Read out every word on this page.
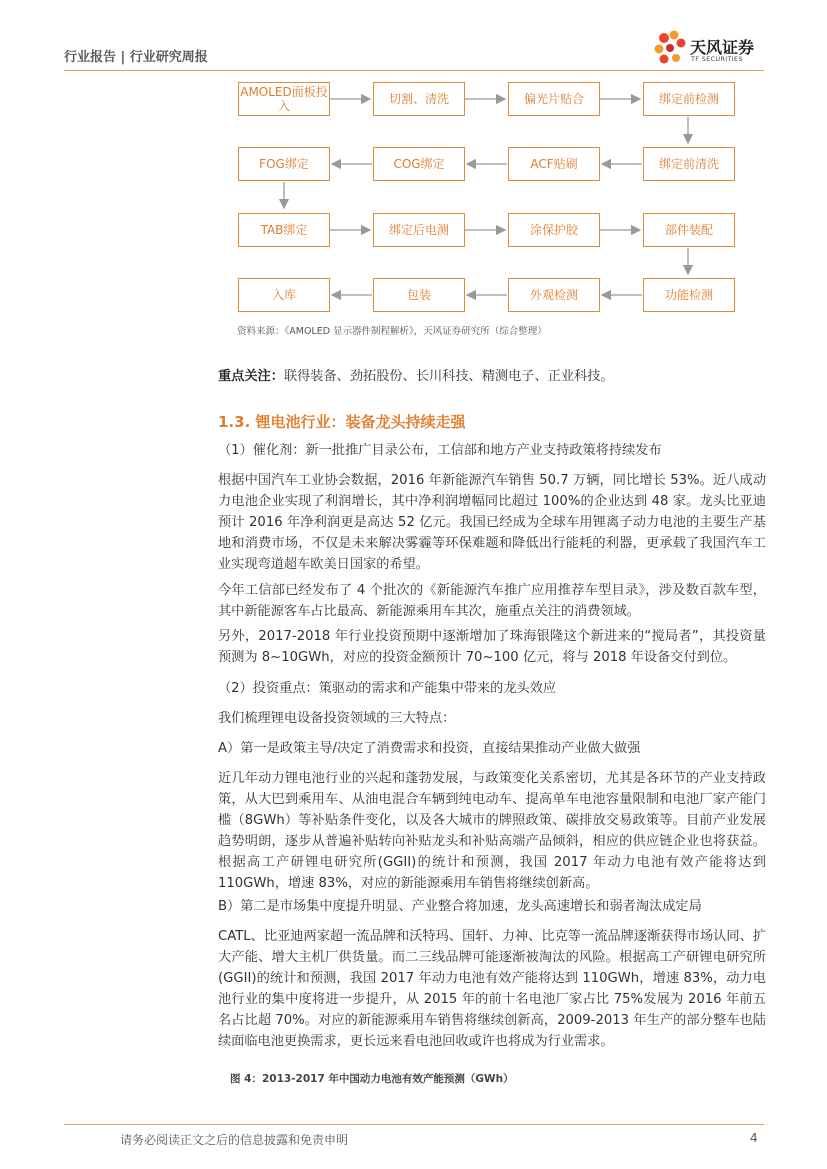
行业报告 | 行业研究周报
天风证券
TF SECURITIES
AMOLED面板投入	切割、清洗	偏光片贴合	绑定前检测
FOG绑定	COG绑定	ACF贴刷	绑定前清洗
TAB绑定	绑定后电测	涂保护胶	部件装配
入库	包装	外观检测	功能检测
资料来源：《AMOLED 显示器件制程解析》，天风证券研究所（综合整理）

重点关注：联得装备、劲拓股份、长川科技、精测电子、正业科技。

1.3. 锂电池行业：装备龙头持续走强

（1）催化剂：新一批推广目录公布，工信部和地方产业支持政策将持续发布

根据中国汽车工业协会数据，2016 年新能源汽车销售 50.7 万辆，同比增长 53%。近八成动力电池企业实现了利润增长，其中净利润增幅同比超过 100%的企业达到 48 家。龙头比亚迪预计 2016 年净利润更是高达 52 亿元。我国已经成为全球车用锂离子动力电池的主要生产基地和消费市场，不仅是未来解决雾霾等环保难题和降低出行能耗的利器，更承载了我国汽车工业实现弯道超车欧美日国家的希望。

今年工信部已经发布了 4 个批次的《新能源汽车推广应用推荐车型目录》，涉及数百款车型，其中新能源客车占比最高、新能源乘用车其次，施重点关注的消费领域。

另外，2017-2018 年行业投资预期中逐渐增加了珠海银隆这个新进来的“搅局者”，其投资量预测为 8~10GWh，对应的投资金额预计 70~100 亿元，将与 2018 年设备交付到位。

（2）投资重点：策驱动的需求和产能集中带来的龙头效应

我们梳理锂电设备投资领域的三大特点：

A）第一是政策主导/决定了消费需求和投资，直接结果推动产业做大做强

近几年动力锂电池行业的兴起和蓬勃发展，与政策变化关系密切，尤其是各环节的产业支持政策，从大巴到乘用车、从油电混合车辆到纯电动车、提高单车电池容量限制和电池厂家产能门槛（8GWh）等补贴条件变化，以及各大城市的牌照政策、碳排放交易政策等。目前产业发展趋势明朗，逐步从普遍补贴转向补贴龙头和补贴高端产品倾斜，相应的供应链企业也将获益。根据高工产研锂电研究所(GGII)的统计和预测，我国 2017 年动力电池有效产能将达到 110GWh，增速 83%，对应的新能源乘用车销售将继续创新高。

B）第二是市场集中度提升明显、产业整合将加速，龙头高速增长和弱者淘汰成定局

CATL、比亚迪两家超一流品牌和沃特玛、国轩、力神、比克等一流品牌逐渐获得市场认同、扩大产能、增大主机厂供货量。而二三线品牌可能逐渐被淘汰的风险。根据高工产研锂电研究所(GGII)的统计和预测，我国 2017 年动力电池有效产能将达到 110GWh，增速 83%，动力电池行业的集中度将进一步提升，从 2015 年的前十名电池厂家占比 75%发展为 2016 年前五名占比超 70%。对应的新能源乘用车销售将继续创新高，2009-2013 年生产的部分整车也陆续面临电池更换需求，更长远来看电池回收或许也将成为行业需求。

图 4：2013-2017 年中国动力电池有效产能预测（GWh）
请务必阅读正文之后的信息披露和免责申明	4
